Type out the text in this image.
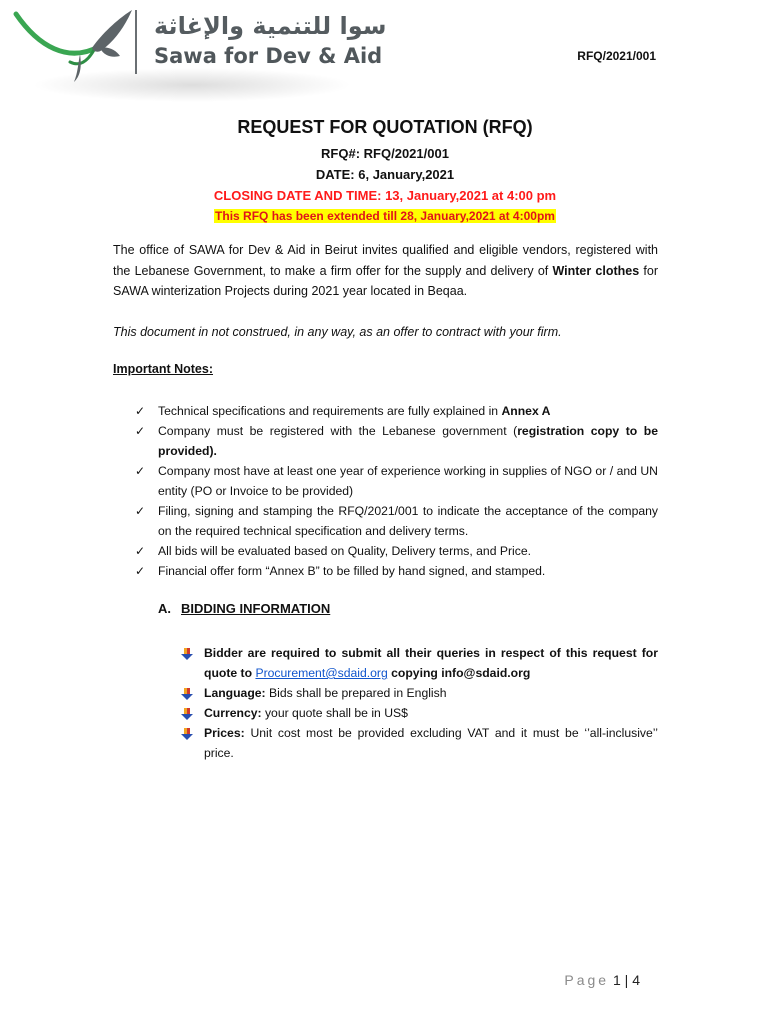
سوا للتنمية والإغاثة
Sawa for Dev & Aid	RFQ/2021/001
REQUEST FOR QUOTATION (RFQ)
RFQ#: RFQ/2021/001
DATE: 6, January,2021
CLOSING DATE AND TIME: 13, January,2021 at 4:00 pm
This RFQ has been extended till 28, January,2021 at 4:00pm
The office of SAWA for Dev & Aid in Beirut invites qualified and eligible vendors, registered with the Lebanese Government, to make a firm offer for the supply and delivery of Winter clothes for SAWA winterization Projects during 2021 year located in Beqaa.
This document in not construed, in any way, as an offer to contract with your firm.
Important Notes:
✓	Technical specifications and requirements are fully explained in Annex A
✓	Company must be registered with the Lebanese government (registration copy to be provided).
✓	Company most have at least one year of experience working in supplies of NGO or / and UN entity (PO or Invoice to be provided)
✓	Filing, signing and stamping the RFQ/2021/001 to indicate the acceptance of the company on the required technical specification and delivery terms.
✓	All bids will be evaluated based on Quality, Delivery terms, and Price.
✓	Financial offer form “Annex B” to be filled by hand signed, and stamped.
A. BIDDING INFORMATION
Bidder are required to submit all their queries in respect of this request for quote to Procurement@sdaid.org copying info@sdaid.org
Language: Bids shall be prepared in English
Currency: your quote shall be in US$
Prices: Unit cost most be provided excluding VAT and it must be ‘’all-inclusive’’ price.
Page 1 | 4
